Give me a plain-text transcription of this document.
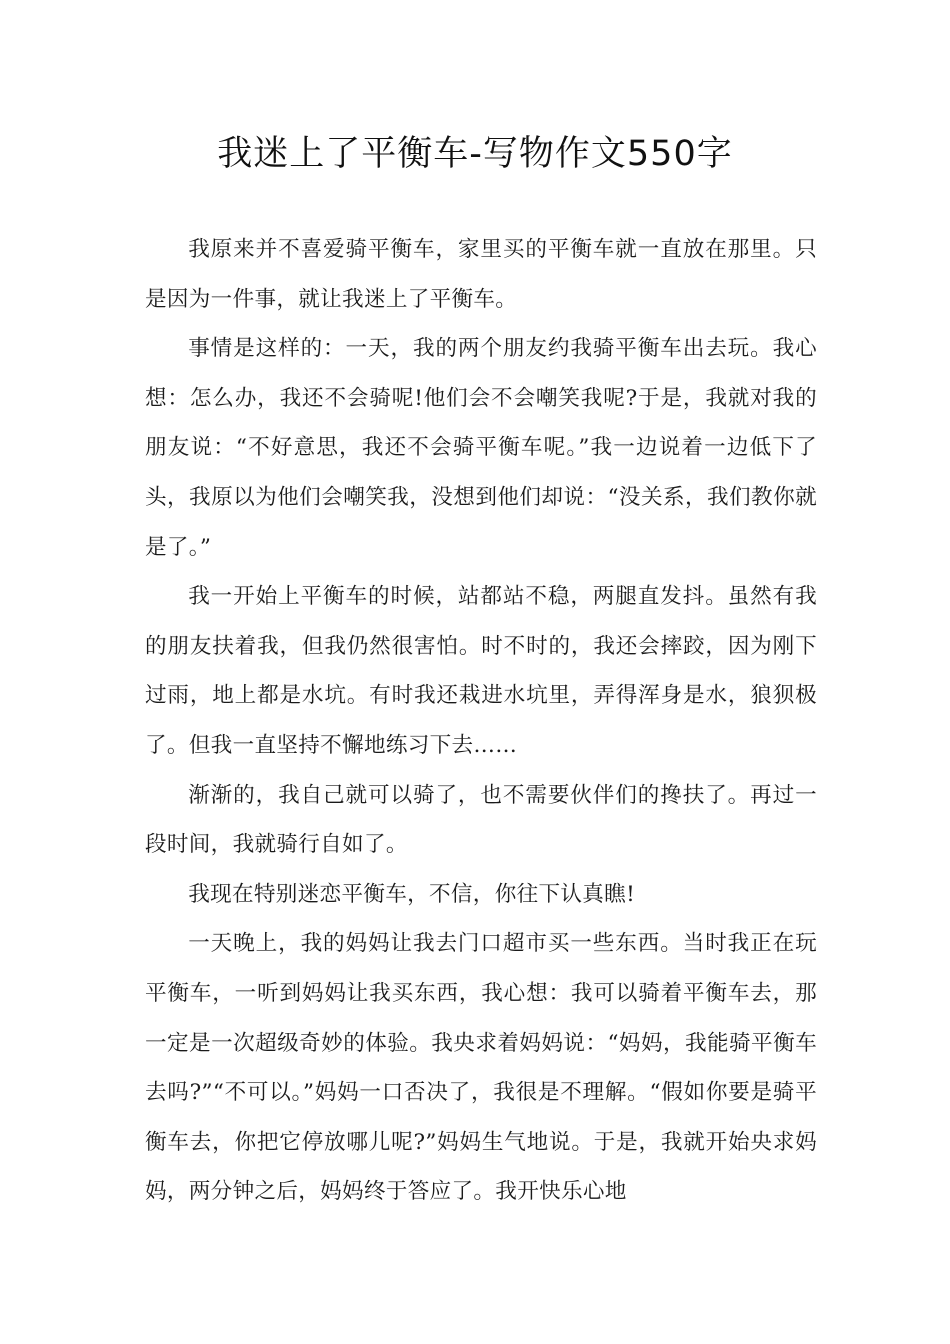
我迷上了平衡车-写物作文550字

我原来并不喜爱骑平衡车，家里买的平衡车就一直放在那里。只是因为一件事，就让我迷上了平衡车。

事情是这样的：一天，我的两个朋友约我骑平衡车出去玩。我心想：怎么办，我还不会骑呢!他们会不会嘲笑我呢?于是，我就对我的朋友说：“不好意思，我还不会骑平衡车呢。”我一边说着一边低下了头，我原以为他们会嘲笑我，没想到他们却说：“没关系，我们教你就是了。”

我一开始上平衡车的时候，站都站不稳，两腿直发抖。虽然有我的朋友扶着我，但我仍然很害怕。时不时的，我还会摔跤，因为刚下过雨，地上都是水坑。有时我还栽进水坑里，弄得浑身是水，狼狈极了。但我一直坚持不懈地练习下去……

渐渐的，我自己就可以骑了，也不需要伙伴们的搀扶了。再过一段时间，我就骑行自如了。

我现在特别迷恋平衡车，不信，你往下认真瞧!

一天晚上，我的妈妈让我去门口超市买一些东西。当时我正在玩平衡车，一听到妈妈让我买东西，我心想：我可以骑着平衡车去，那一定是一次超级奇妙的体验。我央求着妈妈说：“妈妈，我能骑平衡车去吗?”“不可以。”妈妈一口否决了，我很是不理解。“假如你要是骑平衡车去，你把它停放哪儿呢?”妈妈生气地说。于是，我就开始央求妈妈，两分钟之后，妈妈终于答应了。我开快乐心地
